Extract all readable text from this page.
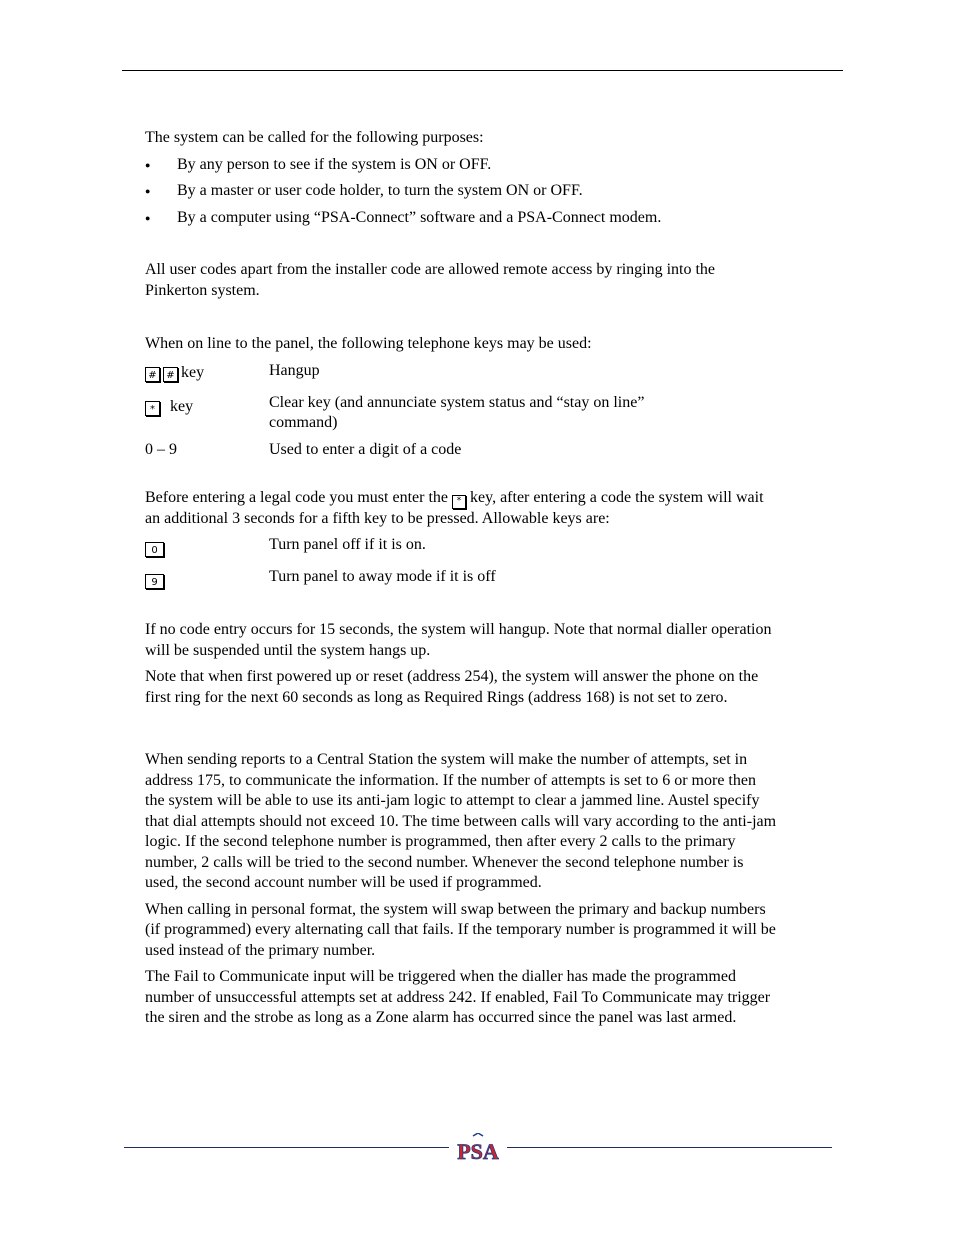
The system can be called for the following purposes:

● By any person to see if the system is ON or OFF.
● By a master or user code holder, to turn the system ON or OFF.
● By a computer using “PSA-Connect” software and a PSA-Connect modem.

All user codes apart from the installer code are allowed remote access by ringing into the

Pinkerton system.

When on line to the panel, the following telephone keys may be used:

# # key	Hangup
* key	Clear key (and annunciate system status and “stay on line”
command)
0 – 9	Used to enter a digit of a code

Before entering a legal code you must enter the * key, after entering a code the system will wait

an additional 3 seconds for a fifth key to be pressed. Allowable keys are:

0	Turn panel off if it is on.
9	Turn panel to away mode if it is off

If no code entry occurs for 15 seconds, the system will hangup. Note that normal dialler operation

will be suspended until the system hangs up.

Note that when first powered up or reset (address 254), the system will answer the phone on the

first ring for the next 60 seconds as long as Required Rings (address 168) is not set to zero.

When sending reports to a Central Station the system will make the number of attempts, set in

address 175, to communicate the information. If the number of attempts is set to 6 or more then

the system will be able to use its anti-jam logic to attempt to clear a jammed line. Austel specify

that dial attempts should not exceed 10. The time between calls will vary according to the anti-jam

logic. If the second telephone number is programmed, then after every 2 calls to the primary

number, 2 calls will be tried to the second number. Whenever the second telephone number is

used, the second account number will be used if programmed.

When calling in personal format, the system will swap between the primary and backup numbers

(if programmed) every alternating call that fails. If the temporary number is programmed it will be

used instead of the primary number.

The Fail to Communicate input will be triggered when the dialler has made the programmed

number of unsuccessful attempts set at address 242. If enabled, Fail To Communicate may trigger

the siren and the strobe as long as a Zone alarm has occurred since the panel was last armed.

PSA
